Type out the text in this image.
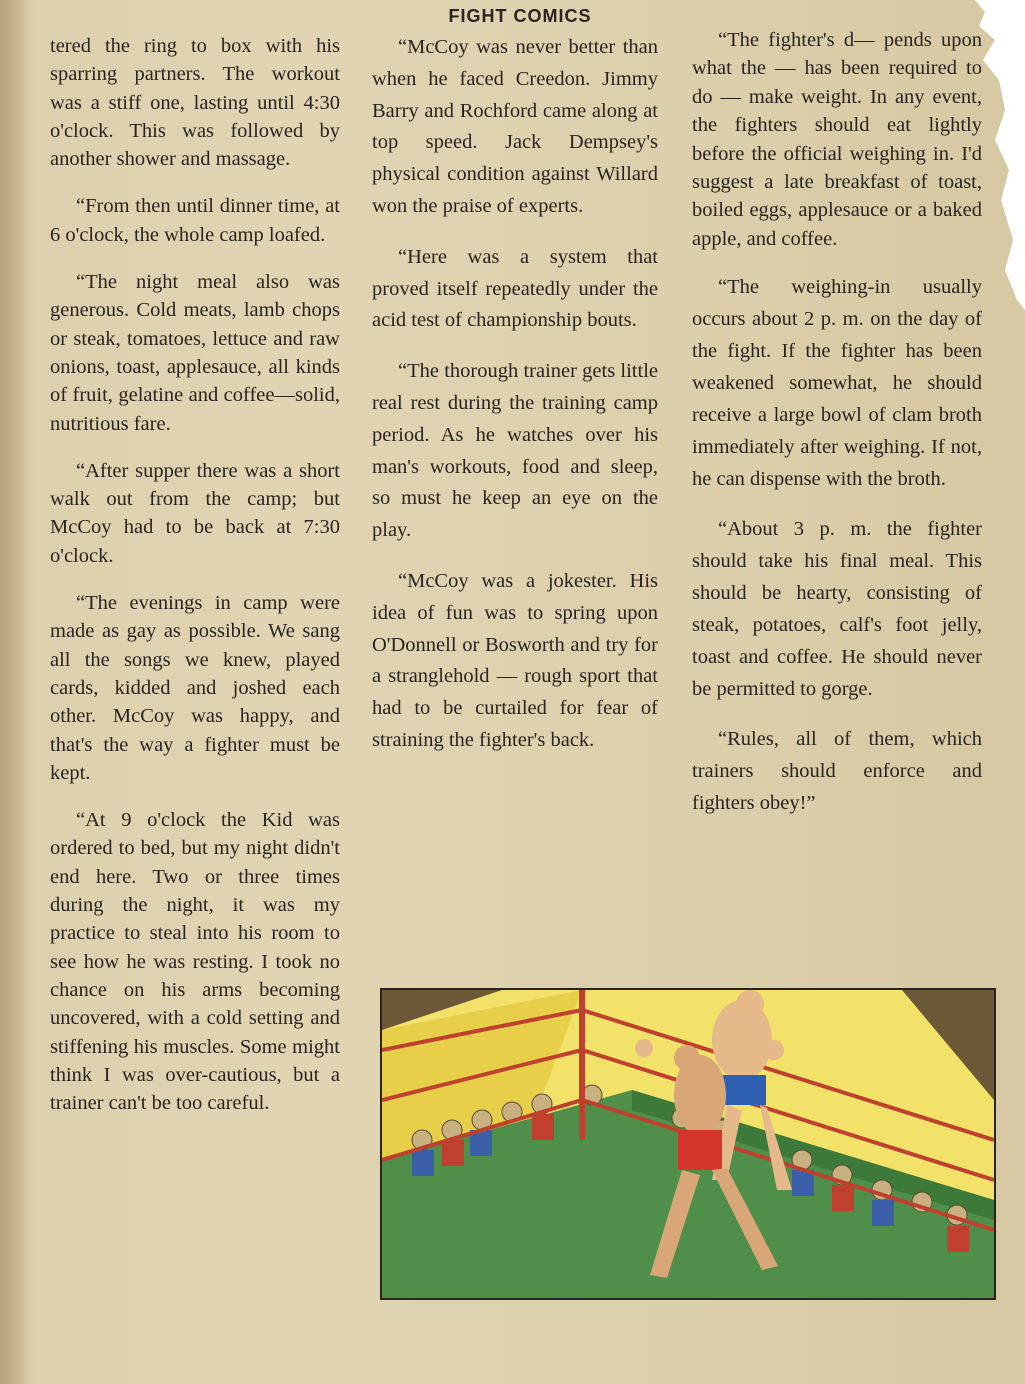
FIGHT COMICS

tered the ring to box with his sparring partners. The workout was a stiff one, lasting until 4:30 o'clock. This was followed by another shower and massage.

“From then until dinner time, at 6 o'clock, the whole camp loafed.

“The night meal also was generous. Cold meats, lamb chops or steak, tomatoes, lettuce and raw onions, toast, applesauce, all kinds of fruit, gelatine and coffee—solid, nutritious fare.

“After supper there was a short walk out from the camp; but McCoy had to be back at 7:30 o'clock.

“The evenings in camp were made as gay as possible. We sang all the songs we knew, played cards, kidded and joshed each other. McCoy was happy, and that's the way a fighter must be kept.

“At 9 o'clock the Kid was ordered to bed, but my night didn't end here. Two or three times during the night, it was my practice to steal into his room to see how he was resting. I took no chance on his arms becoming uncovered, with a cold setting and stiffening his muscles. Some might think I was over-cautious, but a trainer can't be too careful.

“McCoy was never better than when he faced Creedon. Jimmy Barry and Rochford came along at top speed. Jack Dempsey's physical condition against Willard won the praise of experts.

“Here was a system that proved itself repeatedly under the acid test of championship bouts.

“The thorough trainer gets little real rest during the training camp period. As he watches over his man's workouts, food and sleep, so must he keep an eye on the play.

“McCoy was a jokester. His idea of fun was to spring upon O'Donnell or Bosworth and try for a stranglehold — rough sport that had to be curtailed for fear of straining the fighter's back.

“The fighter's d— pends upon what the — has been required to do — make weight. In any event, the fighters should eat lightly before the official weighing in. I'd suggest a late breakfast of toast, boiled eggs, applesauce or a baked apple, and coffee.

“The weighing-in usually occurs about 2 p. m. on the day of the fight. If the fighter has been weakened somewhat, he should receive a large bowl of clam broth immediately after weighing. If not, he can dispense with the broth.

“About 3 p. m. the fighter should take his final meal. This should be hearty, consisting of steak, potatoes, calf's foot jelly, toast and coffee. He should never be permitted to gorge.

“Rules, all of them, which trainers should enforce and fighters obey!”
